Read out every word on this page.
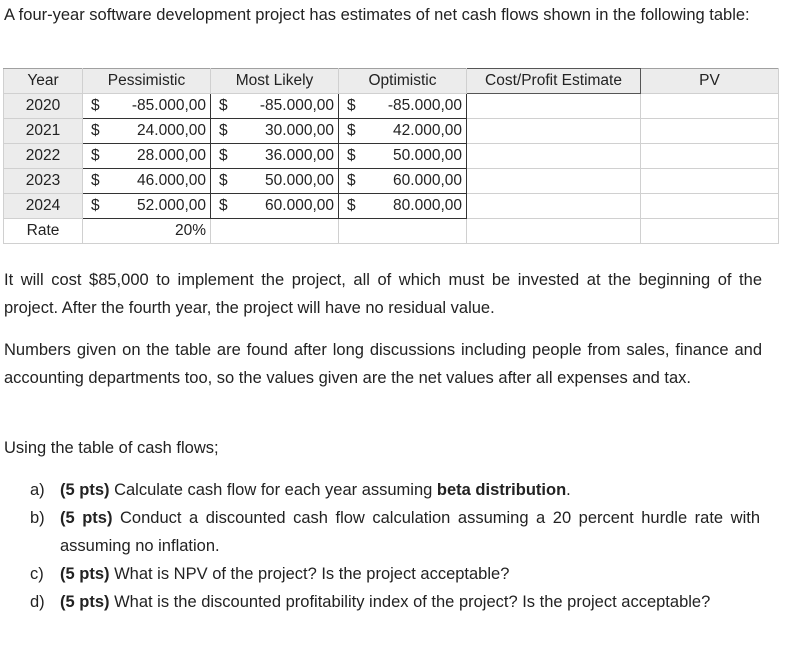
A four-year software development project has estimates of net cash flows shown in the following table:
Year	Pessimistic	Most Likely	Optimistic	Cost/Profit Estimate	PV
2020	$ -85.000,00	$ -85.000,00	$ -85.000,00		
2021	$ 24.000,00	$ 30.000,00	$ 42.000,00		
2022	$ 28.000,00	$ 36.000,00	$ 50.000,00		
2023	$ 46.000,00	$ 50.000,00	$ 60.000,00		
2024	$ 52.000,00	$ 60.000,00	$ 80.000,00		
Rate	20%				
It will cost $85,000 to implement the project, all of which must be invested at the beginning of the project. After the fourth year, the project will have no residual value.
Numbers given on the table are found after long discussions including people from sales, finance and accounting departments too, so the values given are the net values after all expenses and tax.
Using the table of cash flows;
a) (5 pts) Calculate cash flow for each year assuming beta distribution.
b) (5 pts) Conduct a discounted cash flow calculation assuming a 20 percent hurdle rate with assuming no inflation.
c) (5 pts) What is NPV of the project? Is the project acceptable?
d) (5 pts) What is the discounted profitability index of the project? Is the project acceptable?
